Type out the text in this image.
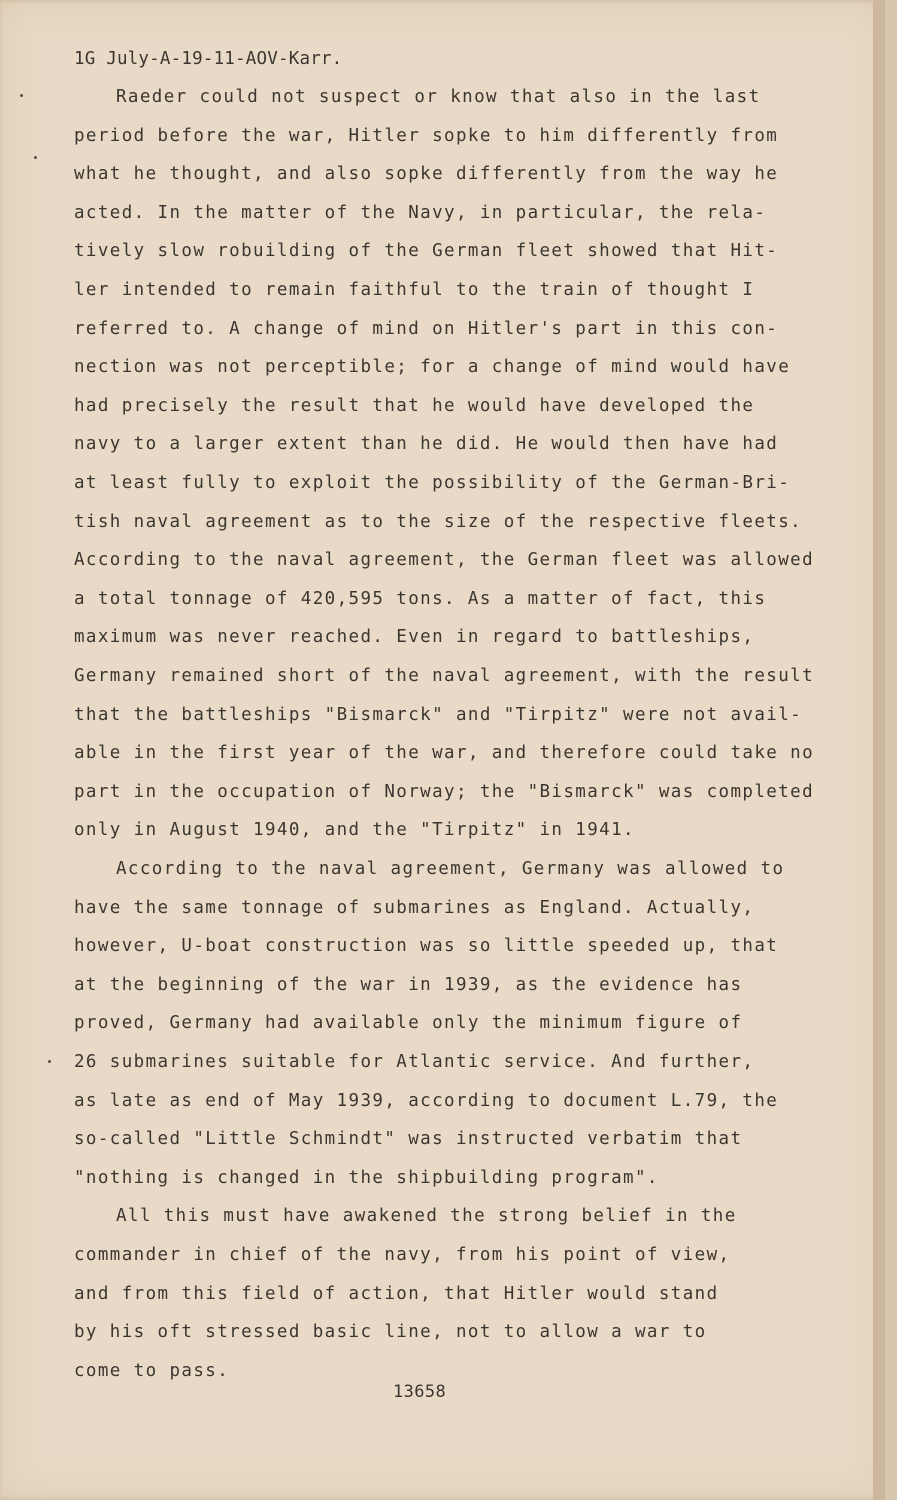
1G July-A-19-11-AOV-Karr.
Raeder could not suspect or know that also in the last
period before the war, Hitler sopke to him differently from
what he thought, and also sopke differently from the way he
acted. In the matter of the Navy, in particular, the rela-
tively slow robuilding of the German fleet showed that Hit-
ler intended to remain faithful to the train of thought I
referred to. A change of mind on Hitler's part in this con-
nection was not perceptible; for a change of mind would have
had precisely the result that he would have developed the
navy to a larger extent than he did. He would then have had
at least fully to exploit the possibility of the German-Bri-
tish naval agreement as to the size of the respective fleets.
According to the naval agreement, the German fleet was allowed
a total tonnage of 420,595 tons. As a matter of fact, this
maximum was never reached. Even in regard to battleships,
Germany remained short of the naval agreement, with the result
that the battleships "Bismarck" and "Tirpitz" were not avail-
able in the first year of the war, and therefore could take no
part in the occupation of Norway; the "Bismarck" was completed
only in August 1940, and the "Tirpitz" in 1941.
According to the naval agreement, Germany was allowed to
have the same tonnage of submarines as England. Actually,
however, U-boat construction was so little speeded up, that
at the beginning of the war in 1939, as the evidence has
proved, Germany had available only the minimum figure of
26 submarines suitable for Atlantic service. And further,
as late as end of May 1939, according to document L.79, the
so-called "Little Schmindt" was instructed verbatim that
"nothing is changed in the shipbuilding program".
All this must have awakened the strong belief in the
commander in chief of the navy, from his point of view,
and from this field of action, that Hitler would stand
by his oft stressed basic line, not to allow a war to
come to pass.
13658
